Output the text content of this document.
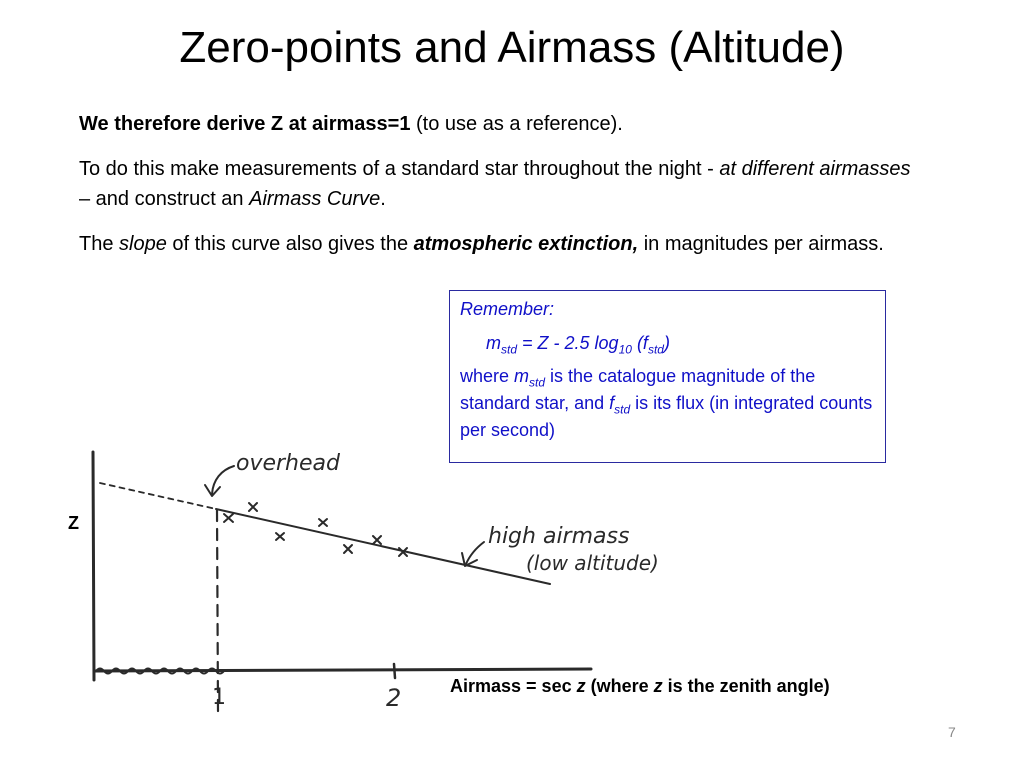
Zero-points and Airmass (Altitude)
We therefore derive Z at airmass=1 (to use as a reference).
To do this make measurements of a standard star throughout the night - at different airmasses – and construct an Airmass Curve.
The slope of this curve also gives the atmospheric extinction, in magnitudes per airmass.
Remember:
$m_{std} = Z - 2.5$ $\log_{10} (f_{std})$
where $m_{std}$ is the catalogue magnitude of the standard star, and $f_{std}$ is its flux (in integrated counts per second)
overhead
high airmass
(low altitude)
1	2
Z
Airmass = sec z (where z is the zenith angle)
7
